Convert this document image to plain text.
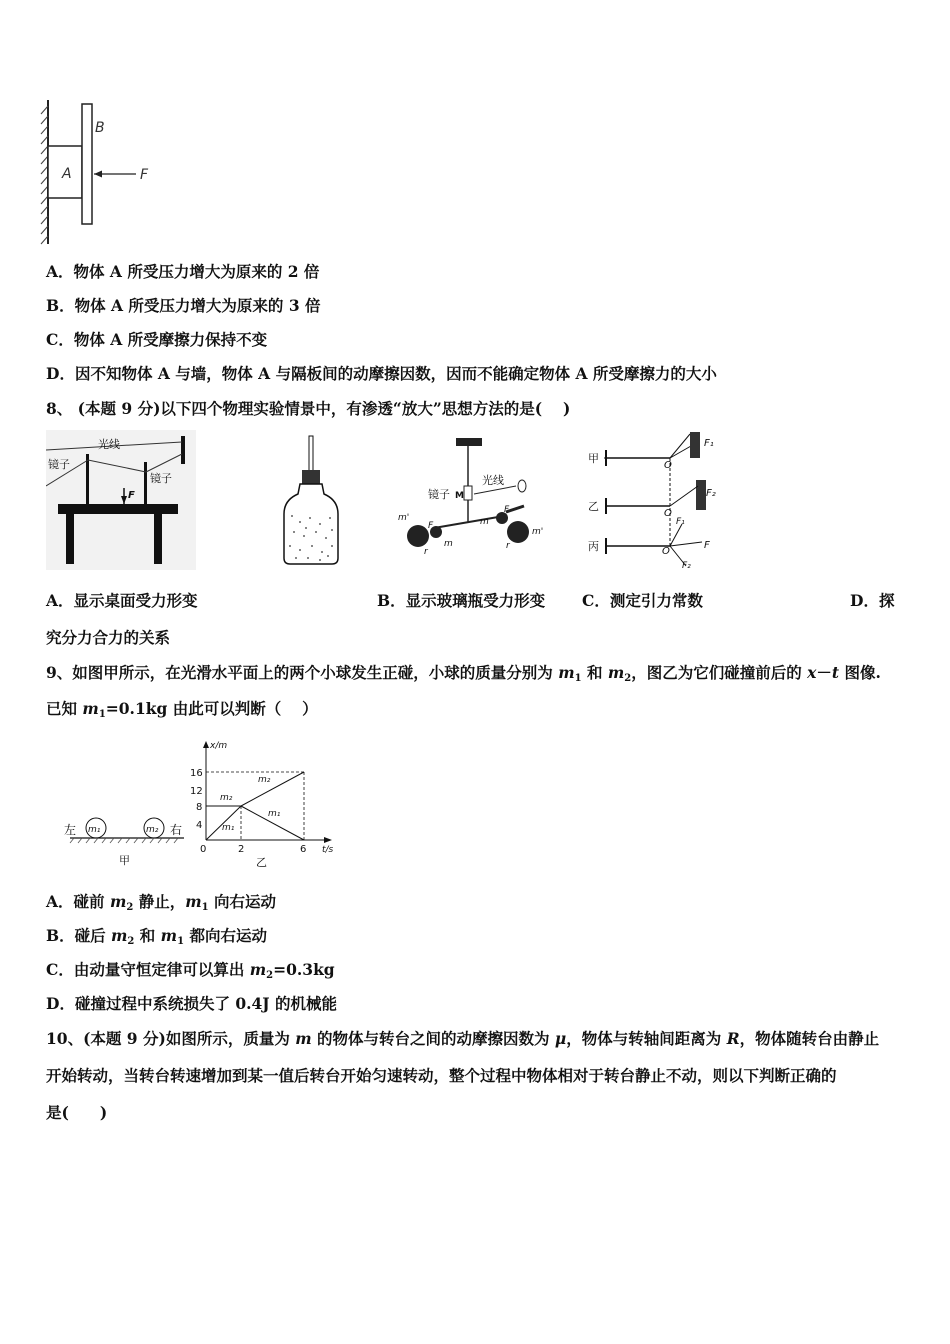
B
A	F
A．物体 A 所受压力增大为原来的 2 倍
B．物体 A 所受压力增大为原来的 3 倍
C．物体 A 所受摩擦力保持不变
D．因不知物体 A 与墙，物体 A 与隔板间的动摩擦因数，因而不能确定物体 A 所受摩擦力的大小
8、 (本题 9 分)以下四个物理实验情景中，有渗透“放大”思想方法的是(　 )
光线
镜子
镜子
F	镜子
光线
M
m'
m'
m
m
F
F
r
r
甲
乙
丙
O
O
O
F₁
F₂
F
F₁
F₂
A．显示桌面受力形变	B．显示玻璃瓶受力形变 C．测定引力常数	D．探
究分力合力的关系
9、如图甲所示，在光滑水平面上的两个小球发生正碰，小球的质量分别为 $m_1$ 和 $m_2$，图乙为它们碰撞前后的 x－t 图像.
已知 $m_1=0.1kg$ 由此可以判断（　 ）
左 m₁	m₂ 右
甲
x/m
t/s
16
12
8
4
0	2	6
m₂
m₂
m₁
m₁
乙
A．碰前 $m_2$ 静止，$m_1$ 向右运动
B．碰后 $m_2$ 和 $m_1$ 都向右运动
C．由动量守恒定律可以算出 $m_2=0.3kg$
D．碰撞过程中系统损失了 0.4J 的机械能
10、(本题 9 分)如图所示，质量为 m 的物体与转台之间的动摩擦因数为 μ，物体与转轴间距离为 R，物体随转台由静止
开始转动，当转台转速增加到某一值后转台开始匀速转动，整个过程中物体相对于转台静止不动，则以下判断正确的
是(　　)
